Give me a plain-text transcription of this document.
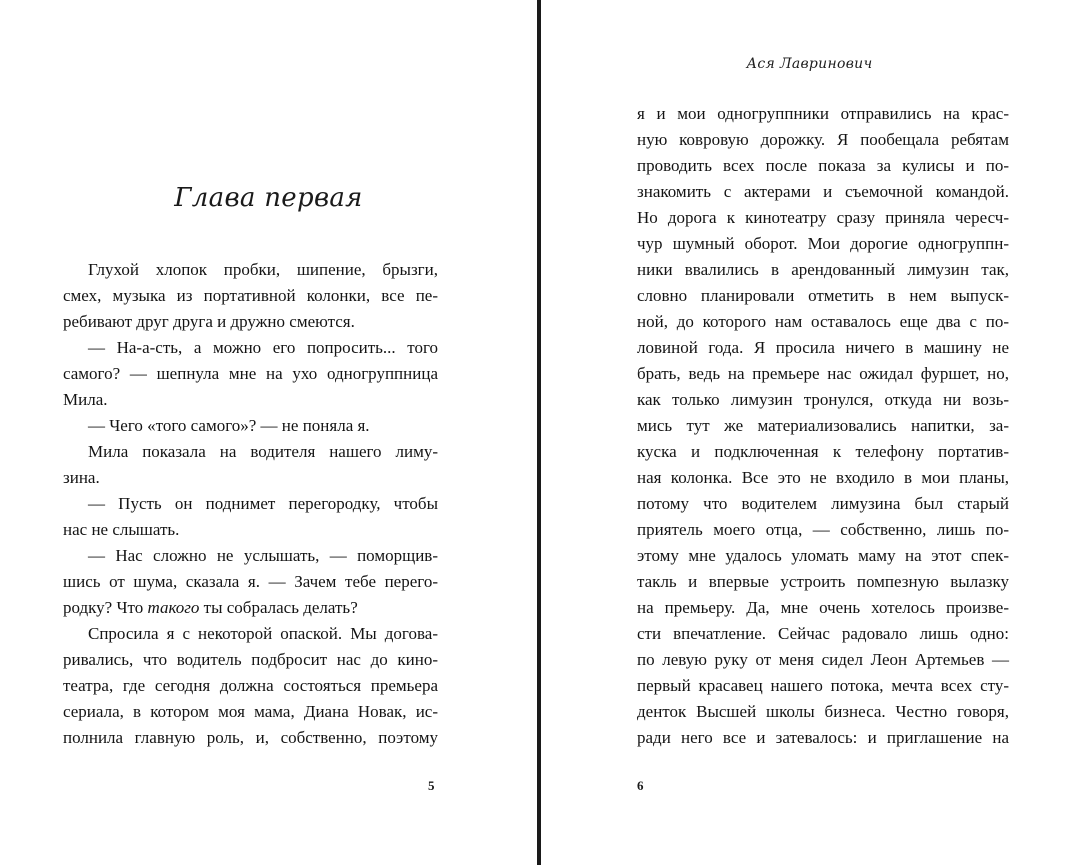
Глава первая
Глухой хлопок пробки, шипение, брызги,
смех, музыка из портативной колонки, все пе-
ребивают друг друга и дружно смеются.
— На-а-сть, а можно его попросить... того
самого? — шепнула мне на ухо одногруппница
Мила.
— Чего «того самого»? — не поняла я.
Мила показала на водителя нашего лиму-
зина.
— Пусть он поднимет перегородку, чтобы
нас не слышать.
— Нас сложно не услышать, — поморщив-
шись от шума, сказала я. — Зачем тебе перего-
родку? Что такого ты собралась делать?
Спросила я с некоторой опаской. Мы догова-
ривались, что водитель подбросит нас до кино-
театра, где сегодня должна состояться премьера
сериала, в котором моя мама, Диана Новак, ис-
полнила главную роль, и, собственно, поэтому
5
Ася Лавринович
я и мои одногруппники отправились на крас-
ную ковровую дорожку. Я пообещала ребятам
проводить всех после показа за кулисы и по-
знакомить с актерами и съемочной командой.
Но дорога к кинотеатру сразу приняла чересч-
чур шумный оборот. Мои дорогие одногруппн-
ники ввалились в арендованный лимузин так,
словно планировали отметить в нем выпуск-
ной, до которого нам оставалось еще два с по-
ловиной года. Я просила ничего в машину не
брать, ведь на премьере нас ожидал фуршет, но,
как только лимузин тронулся, откуда ни возь-
мись тут же материализовались напитки, за-
куска и подключенная к телефону портатив-
ная колонка. Все это не входило в мои планы,
потому что водителем лимузина был старый
приятель моего отца, — собственно, лишь по-
этому мне удалось уломать маму на этот спек-
такль и впервые устроить помпезную вылазку
на премьеру. Да, мне очень хотелось произве-
сти впечатление. Сейчас радовало лишь одно:
по левую руку от меня сидел Леон Артемьев —
первый красавец нашего потока, мечта всех сту-
денток Высшей школы бизнеса. Честно говоря,
ради него все и затевалось: и приглашение на
6
